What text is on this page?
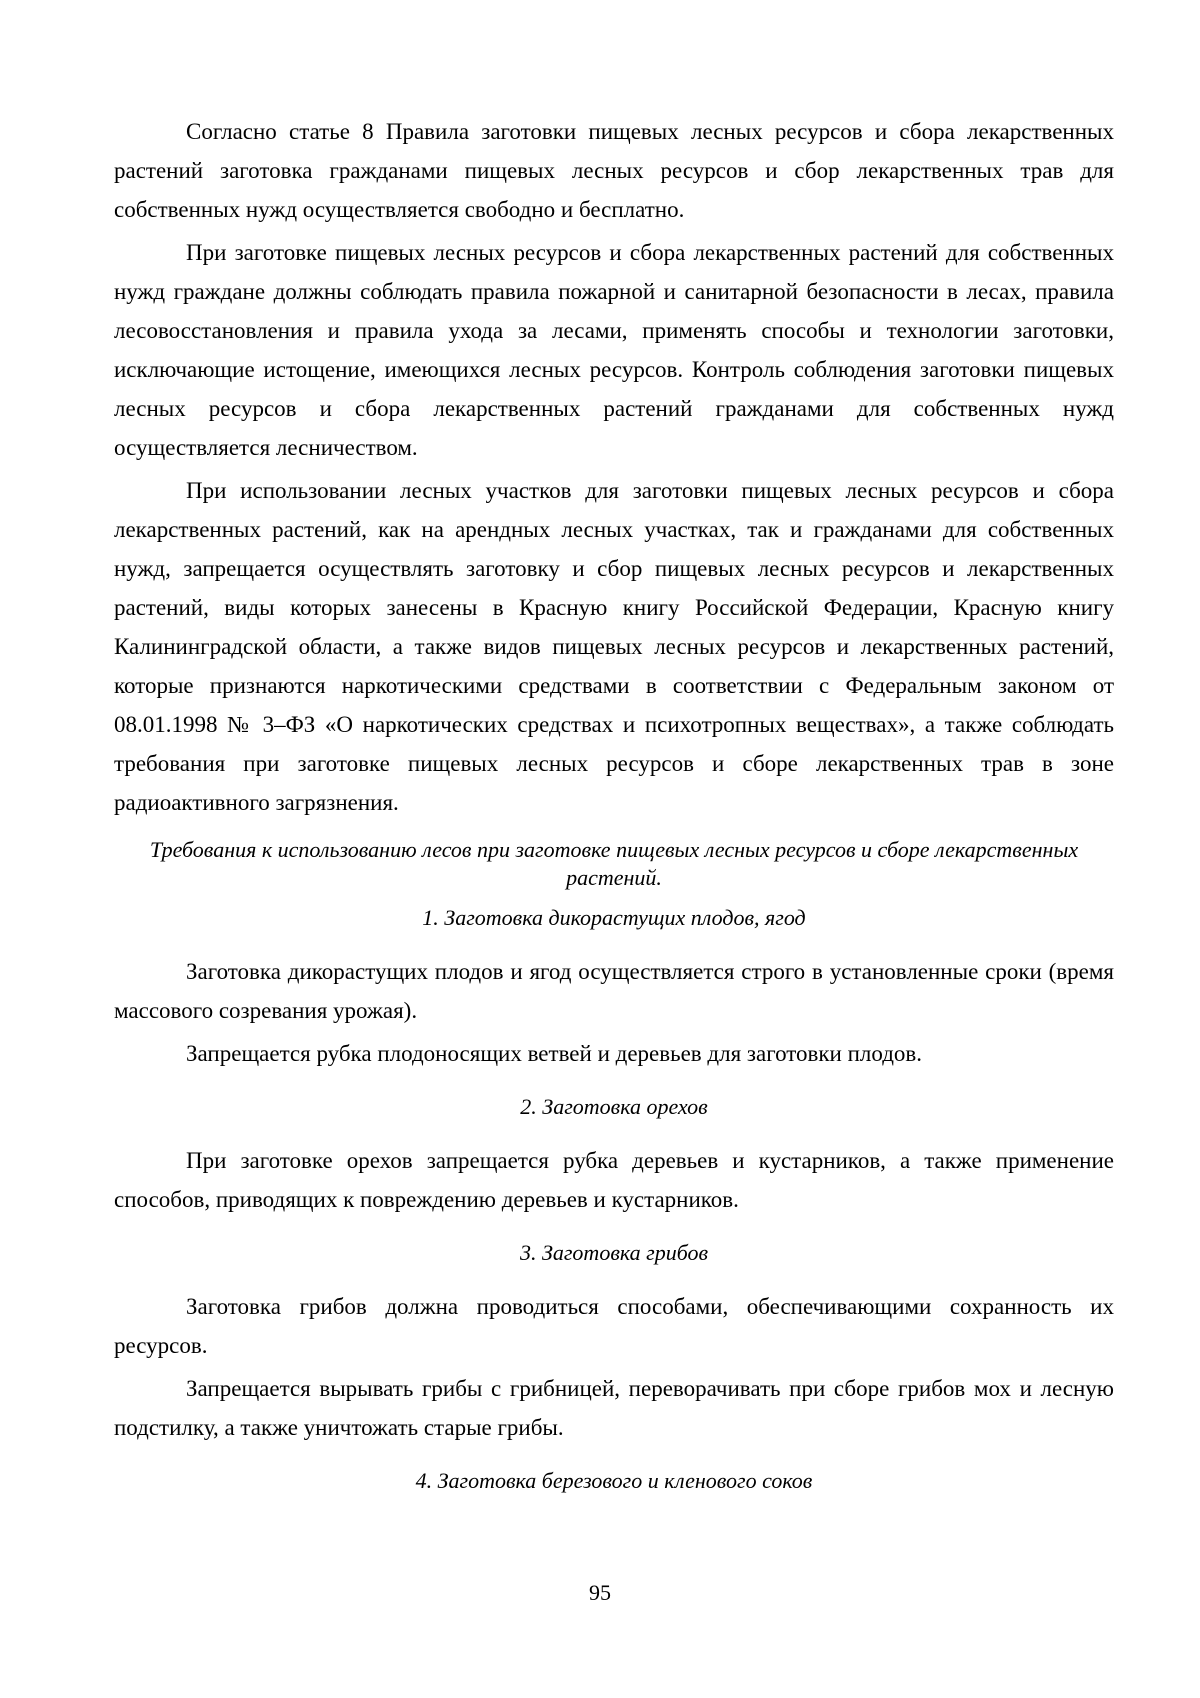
Согласно статье 8 Правила заготовки пищевых лесных ресурсов и сбора лекарственных растений заготовка гражданами пищевых лесных ресурсов и сбор лекарственных трав для собственных нужд осуществляется свободно и бесплатно.

При заготовке пищевых лесных ресурсов и сбора лекарственных растений для собственных нужд граждане должны соблюдать правила пожарной и санитарной безопасности в лесах, правила лесовосстановления и правила ухода за лесами, применять способы и технологии заготовки, исключающие истощение, имеющихся лесных ресурсов. Контроль соблюдения заготовки пищевых лесных ресурсов и сбора лекарственных растений гражданами для собственных нужд осуществляется лесничеством.

При использовании лесных участков для заготовки пищевых лесных ресурсов и сбора лекарственных растений, как на арендных лесных участках, так и гражданами для собственных нужд, запрещается осуществлять заготовку и сбор пищевых лесных ресурсов и лекарственных растений, виды которых занесены в Красную книгу Российской Федерации, Красную книгу Калининградской области, а также видов пищевых лесных ресурсов и лекарственных растений, которые признаются наркотическими средствами в соответствии с Федеральным законом от 08.01.1998 № 3–ФЗ «О наркотических средствах и психотропных веществах», а также соблюдать требования при заготовке пищевых лесных ресурсов и сборе лекарственных трав в зоне радиоактивного загрязнения.

Требования к использованию лесов при заготовке пищевых лесных ресурсов и сборе лекарственных растений.

1. Заготовка дикорастущих плодов, ягод

Заготовка дикорастущих плодов и ягод осуществляется строго в установленные сроки (время массового созревания урожая).

Запрещается рубка плодоносящих ветвей и деревьев для заготовки плодов.

2. Заготовка орехов

При заготовке орехов запрещается рубка деревьев и кустарников, а также применение способов, приводящих к повреждению деревьев и кустарников.

3. Заготовка грибов

Заготовка грибов должна проводиться способами, обеспечивающими сохранность их ресурсов.

Запрещается вырывать грибы с грибницей, переворачивать при сборе грибов мох и лесную подстилку, а также уничтожать старые грибы.

4. Заготовка березового и кленового соков

95
